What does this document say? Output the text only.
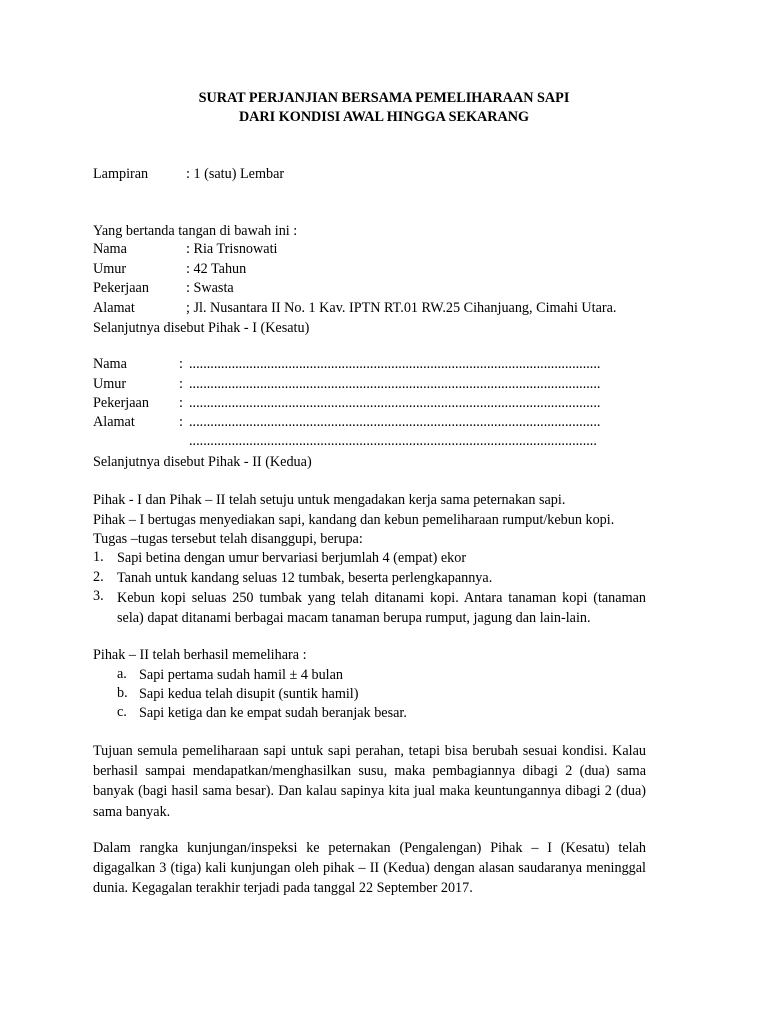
SURAT PERJANJIAN BERSAMA PEMELIHARAAN SAPI
DARI KONDISI AWAL HINGGA SEKARANG
Lampiran	: 1 (satu) Lembar
Yang bertanda tangan di bawah ini :
Nama	: Ria Trisnowati
Umur	: 42 Tahun
Pekerjaan	: Swasta
Alamat	; Jl. Nusantara II No. 1 Kav. IPTN RT.01 RW.25 Cihanjuang, Cimahi Utara.
Selanjutnya disebut Pihak - I (Kesatu)
Nama	: ....................................................................................................................
Umur	: ....................................................................................................................
Pekerjaan : ....................................................................................................................
Alamat	: ....................................................................................................................
...................................................................................................................
Selanjutnya disebut Pihak - II (Kedua)
Pihak - I dan Pihak – II telah setuju untuk mengadakan kerja sama peternakan sapi.
Pihak – I bertugas menyediakan sapi, kandang dan kebun pemeliharaan rumput/kebun kopi.
Tugas –tugas tersebut telah disanggupi, berupa:
1. Sapi betina dengan umur bervariasi berjumlah 4 (empat) ekor
2. Tanah untuk kandang seluas 12 tumbak, beserta perlengkapannya.
3. Kebun kopi seluas 250 tumbak yang telah ditanami kopi. Antara tanaman kopi (tanaman sela) dapat ditanami berbagai macam tanaman berupa rumput, jagung dan lain-lain.
Pihak – II telah berhasil memelihara :
a. Sapi pertama sudah hamil ± 4 bulan
b. Sapi kedua telah disupit (suntik hamil)
c. Sapi ketiga dan ke empat sudah beranjak besar.
Tujuan semula pemeliharaan sapi untuk sapi perahan, tetapi bisa berubah sesuai kondisi. Kalau berhasil sampai mendapatkan/menghasilkan susu, maka pembagiannya dibagi 2 (dua) sama banyak (bagi hasil sama besar). Dan kalau sapinya kita jual maka keuntungannya dibagi 2 (dua) sama banyak.
Dalam rangka kunjungan/inspeksi ke peternakan (Pengalengan) Pihak – I (Kesatu) telah digagalkan 3 (tiga) kali kunjungan oleh pihak – II (Kedua) dengan alasan saudaranya meninggal dunia. Kegagalan terakhir terjadi pada tanggal 22 September 2017.
